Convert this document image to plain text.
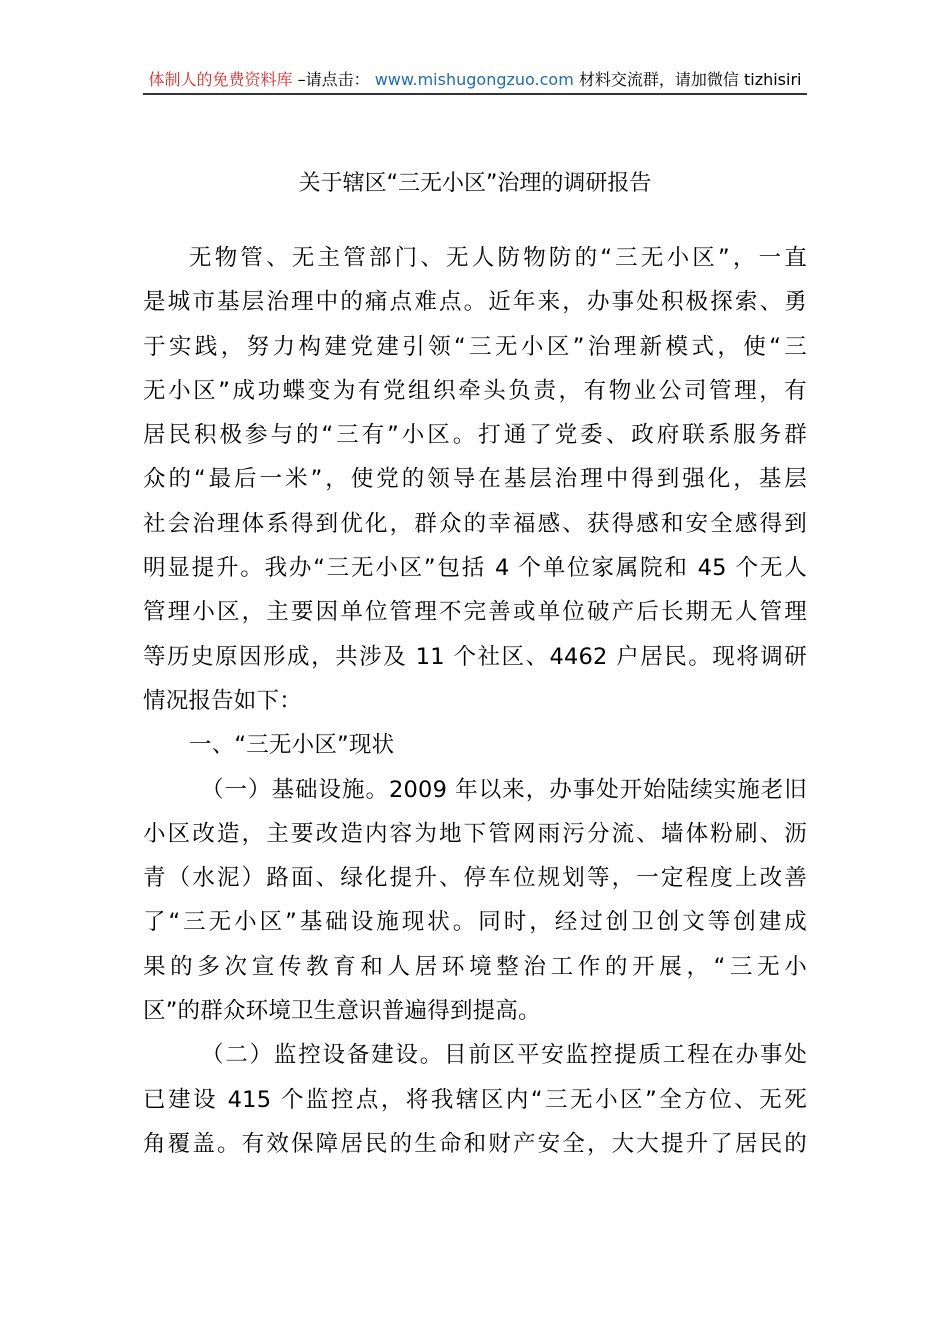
体制人的免费资料库 –请点击： www.mishugongzuo.com 材料交流群，请加微信 tizhisiri
关于辖区“三无小区”治理的调研报告
无物管、无主管部门、无人防物防的“三无小区”，一直
是城市基层治理中的痛点难点。近年来，办事处积极探索、勇
于实践，努力构建党建引领“三无小区”治理新模式，使“三
无小区”成功蝶变为有党组织牵头负责，有物业公司管理，有
居民积极参与的“三有”小区。打通了党委、政府联系服务群
众的“最后一米”，使党的领导在基层治理中得到强化，基层
社会治理体系得到优化，群众的幸福感、获得感和安全感得到
明显提升。我办“三无小区”包括 4 个单位家属院和 45 个无人
管理小区，主要因单位管理不完善或单位破产后长期无人管理
等历史原因形成，共涉及 11 个社区、4462 户居民。现将调研
情况报告如下：
一、“三无小区”现状
（一）基础设施。2009 年以来，办事处开始陆续实施老旧
小区改造，主要改造内容为地下管网雨污分流、墙体粉刷、沥
青（水泥）路面、绿化提升、停车位规划等，一定程度上改善
了“三无小区”基础设施现状。同时，经过创卫创文等创建成
果的多次宣传教育和人居环境整治工作的开展，“三无小
区”的群众环境卫生意识普遍得到提高。
（二）监控设备建设。目前区平安监控提质工程在办事处
已建设 415 个监控点，将我辖区内“三无小区”全方位、无死
角覆盖。有效保障居民的生命和财产安全，大大提升了居民的
